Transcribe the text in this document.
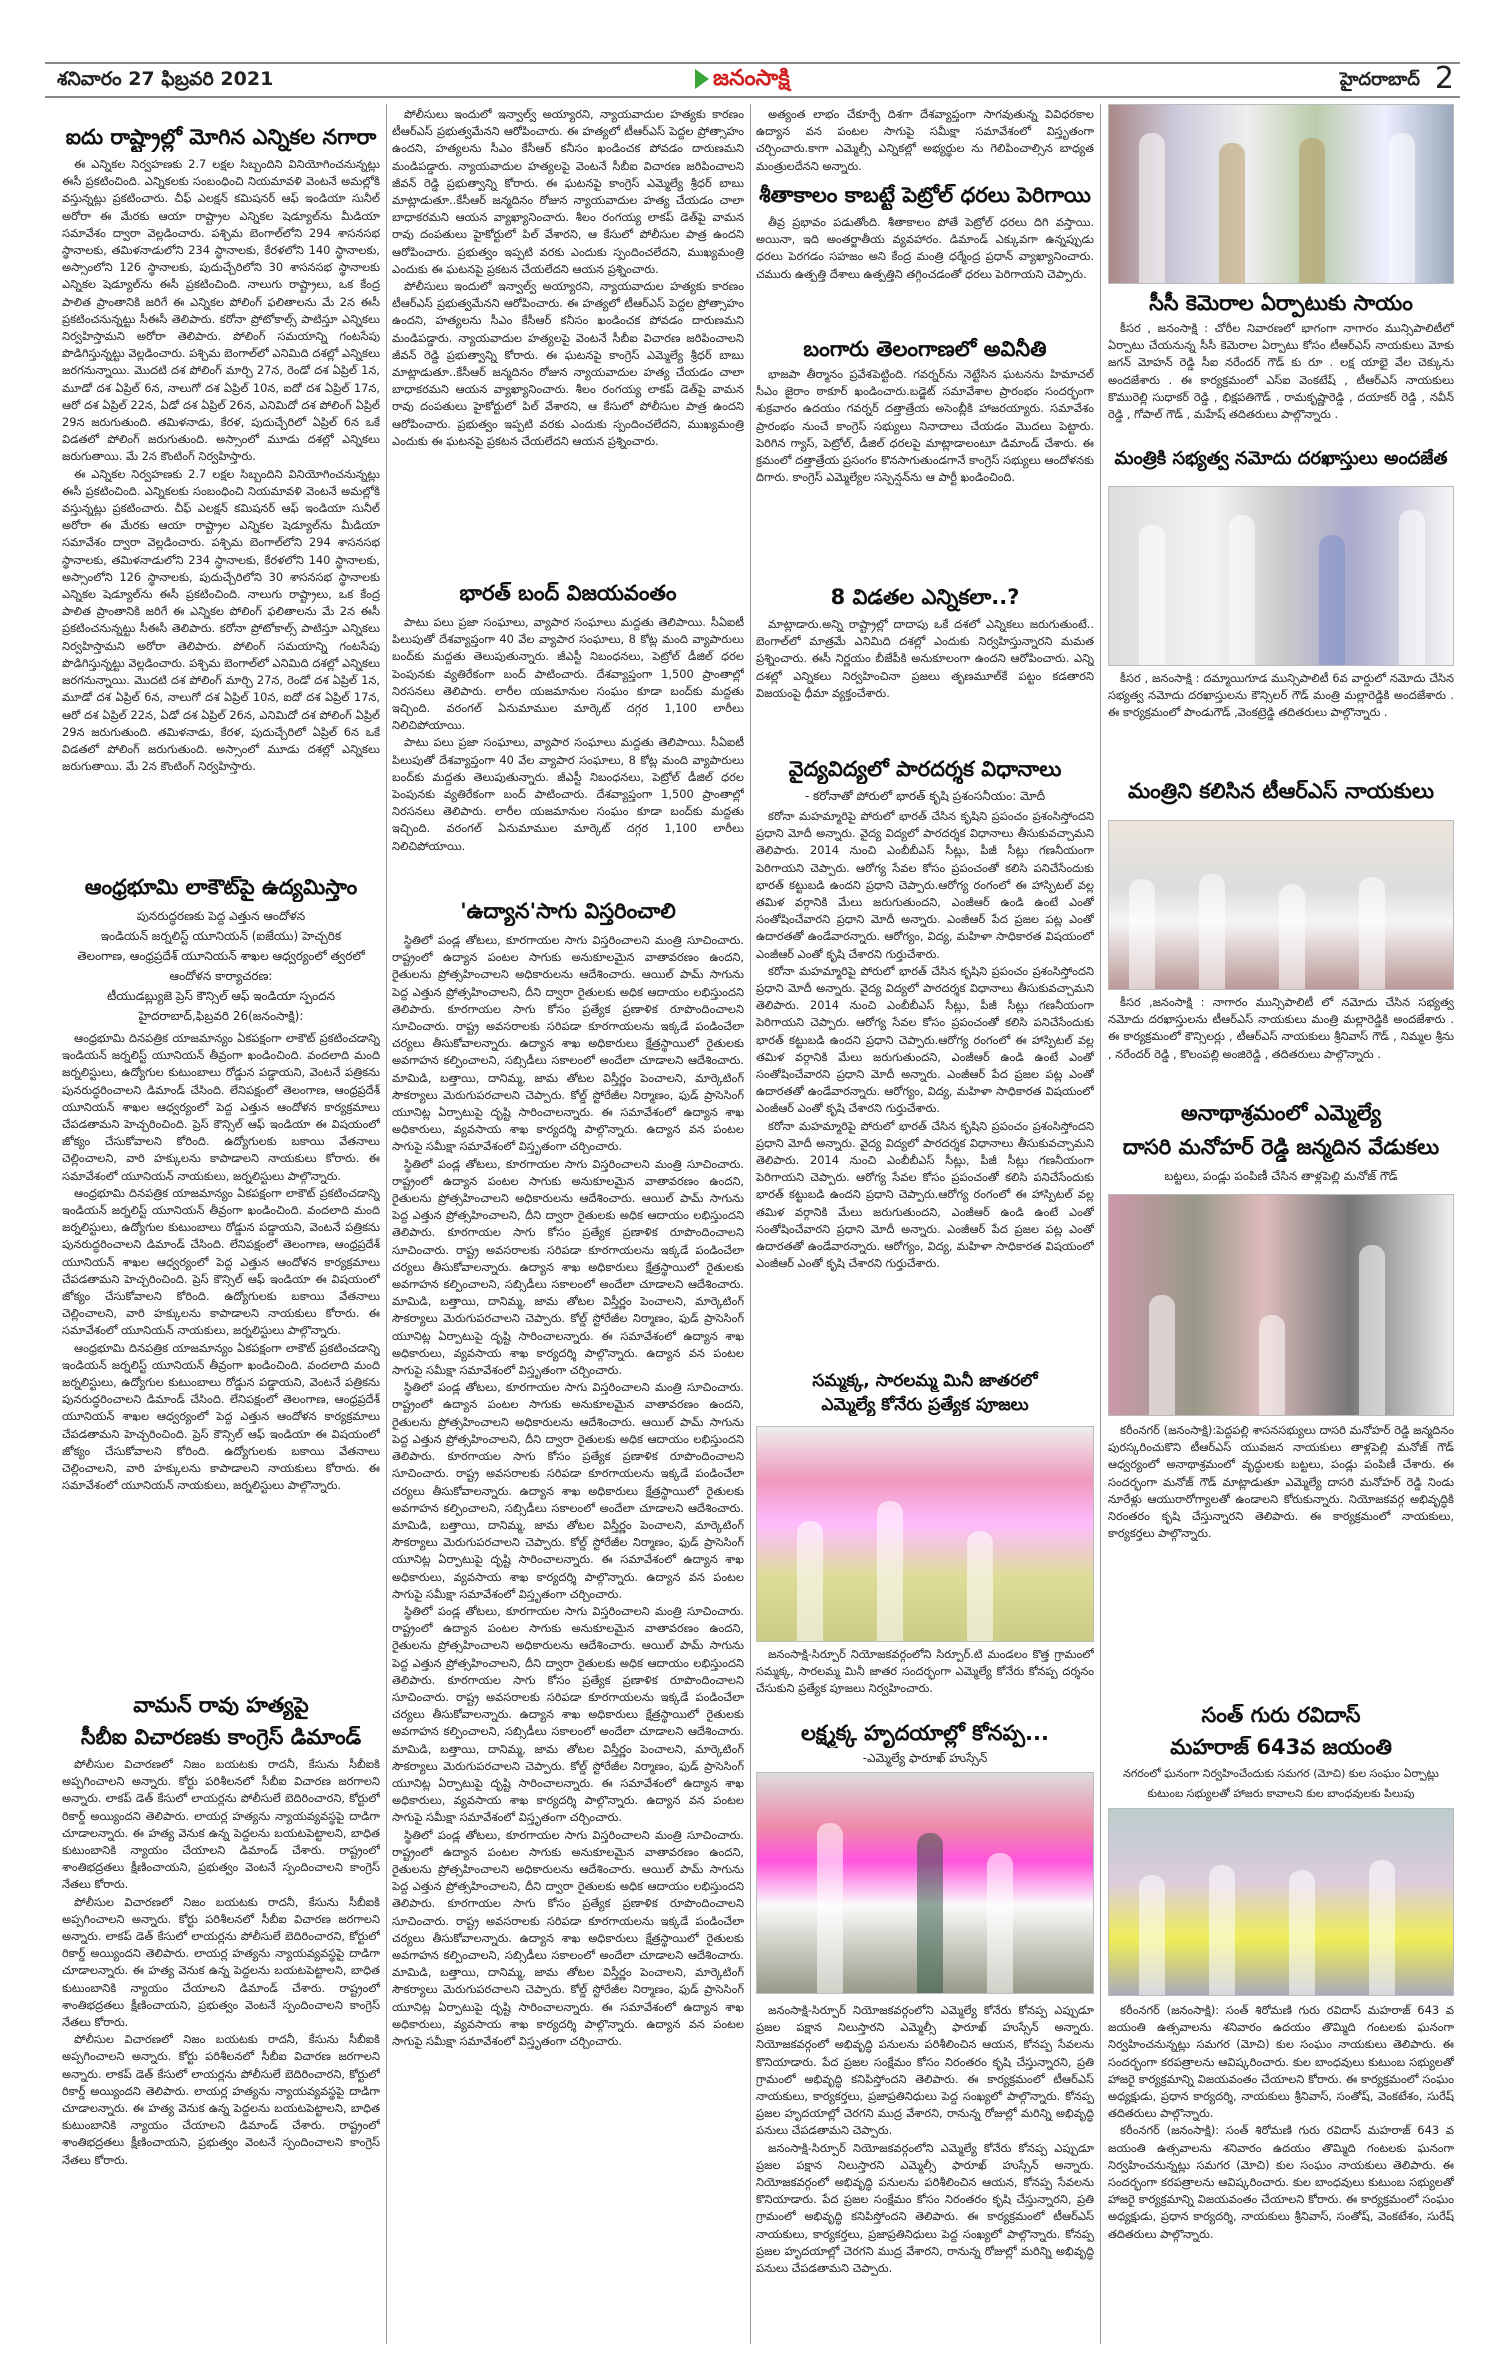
శనివారం 27 ఫిబ్రవరి 2021	జనంసాక్షి	హైదరాబాద్ 2
ఐదు రాష్ట్రాల్లో మోగిన ఎన్నికల నగారా

ఈ ఎన్నికల నిర్వహణకు 2.7 లక్షల సిబ్బందిని వినియోగించనున్నట్లు ఈసీ ప్రకటించింది. ఎన్నికలకు సంబంధించి నియమావళి వెంటనే అమల్లోకి వస్తున్నట్లు ప్రకటించారు. చీఫ్ ఎలక్షన్ కమిషనర్ ఆఫ్ ఇండియా సునీల్ అరోరా ఈ మేరకు ఆయా రాష్ట్రాల ఎన్నికల షెడ్యూల్‌ను మీడియా సమావేశం ద్వారా వెల్లడించారు. పశ్చిమ బెంగాల్‌లోని 294 శాసనసభ స్థానాలకు, తమిళనాడులోని 234 స్థానాలకు, కేరళలోని 140 స్థానాలకు, అస్సాంలోని 126 స్థానాలకు, పుదుచ్చేరిలోని 30 శాసనసభ స్థానాలకు ఎన్నికల షెడ్యూల్‌ను ఈసీ ప్రకటించింది. నాలుగు రాష్ట్రాలు, ఒక కేంద్ర పాలిత ప్రాంతానికి జరిగే ఈ ఎన్నికల పోలింగ్ ఫలితాలను మే 2న ఈసీ ప్రకటించనున్నట్టు సీఈసీ తెలిపారు. కరోనా ప్రోటోకాల్స్ పాటిస్తూ ఎన్నికలు నిర్వహిస్తామని అరోరా తెలిపారు. పోలింగ్ సమయాన్ని గంటసేపు పొడిగిస్తున్నట్టు వెల్లడించారు. పశ్చిమ బెంగాల్‌లో ఎనిమిది దశల్లో ఎన్నికలు జరగనున్నాయి. మొదటి దశ పోలింగ్ మార్చి 27న, రెండో దశ ఏప్రిల్ 1న, మూడో దశ ఏప్రిల్ 6న, నాలుగో దశ ఏప్రిల్ 10న, ఐదో దశ ఏప్రిల్ 17న, ఆరో దశ ఏప్రిల్ 22న, ఏడో దశ ఏప్రిల్ 26న, ఎనిమిదో దశ పోలింగ్ ఏప్రిల్ 29న జరుగుతుంది. తమిళనాడు, కేరళ, పుదుచ్చేరిలో ఏప్రిల్ 6న ఒకే విడతలో పోలింగ్ జరుగుతుంది. అస్సాంలో మూడు దశల్లో ఎన్నికలు జరుగుతాయి. మే 2న కౌంటింగ్ నిర్వహిస్తారు.

ఈ ఎన్నికల నిర్వహణకు 2.7 లక్షల సిబ్బందిని వినియోగించనున్నట్లు ఈసీ ప్రకటించింది. ఎన్నికలకు సంబంధించి నియమావళి వెంటనే అమల్లోకి వస్తున్నట్లు ప్రకటించారు. చీఫ్ ఎలక్షన్ కమిషనర్ ఆఫ్ ఇండియా సునీల్ అరోరా ఈ మేరకు ఆయా రాష్ట్రాల ఎన్నికల షెడ్యూల్‌ను మీడియా సమావేశం ద్వారా వెల్లడించారు. పశ్చిమ బెంగాల్‌లోని 294 శాసనసభ స్థానాలకు, తమిళనాడులోని 234 స్థానాలకు, కేరళలోని 140 స్థానాలకు, అస్సాంలోని 126 స్థానాలకు, పుదుచ్చేరిలోని 30 శాసనసభ స్థానాలకు ఎన్నికల షెడ్యూల్‌ను ఈసీ ప్రకటించింది. నాలుగు రాష్ట్రాలు, ఒక కేంద్ర పాలిత ప్రాంతానికి జరిగే ఈ ఎన్నికల పోలింగ్ ఫలితాలను మే 2న ఈసీ ప్రకటించనున్నట్టు సీఈసీ తెలిపారు. కరోనా ప్రోటోకాల్స్ పాటిస్తూ ఎన్నికలు నిర్వహిస్తామని అరోరా తెలిపారు. పోలింగ్ సమయాన్ని గంటసేపు పొడిగిస్తున్నట్టు వెల్లడించారు. పశ్చిమ బెంగాల్‌లో ఎనిమిది దశల్లో ఎన్నికలు జరగనున్నాయి. మొదటి దశ పోలింగ్ మార్చి 27న, రెండో దశ ఏప్రిల్ 1న, మూడో దశ ఏప్రిల్ 6న, నాలుగో దశ ఏప్రిల్ 10న, ఐదో దశ ఏప్రిల్ 17న, ఆరో దశ ఏప్రిల్ 22న, ఏడో దశ ఏప్రిల్ 26న, ఎనిమిదో దశ పోలింగ్ ఏప్రిల్ 29న జరుగుతుంది. తమిళనాడు, కేరళ, పుదుచ్చేరిలో ఏప్రిల్ 6న ఒకే విడతలో పోలింగ్ జరుగుతుంది. అస్సాంలో మూడు దశల్లో ఎన్నికలు జరుగుతాయి. మే 2న కౌంటింగ్ నిర్వహిస్తారు.

ఆంధ్రభూమి లాకౌట్‌పై ఉద్యమిస్తాం
పునరుద్ధరణకు పెద్ద ఎత్తున ఆందోళన
ఇండియన్ జర్నలిస్ట్ యూనియన్ (ఐజేయు) హెచ్చరిక
తెలంగాణ, ఆంధ్రప్రదేశ్ యూనియన్ శాఖల ఆధ్వర్యంలో త్వరలో
ఆందోళన కార్యాచరణ:
టీయుడబ్ల్యుజె ప్రెస్ కౌన్సిల్ ఆఫ్ ఇండియా స్పందన
హైదరాబాద్,ఫిబ్రవరి 26(జనంసాక్షి):

ఆంధ్రభూమి దినపత్రిక యాజమాన్యం ఏకపక్షంగా లాకౌట్ ప్రకటించడాన్ని ఇండియన్ జర్నలిస్ట్ యూనియన్ తీవ్రంగా ఖండించింది. వందలాది మంది జర్నలిస్టులు, ఉద్యోగుల కుటుంబాలు రోడ్డున పడ్డాయని, వెంటనే పత్రికను పునరుద్ధరించాలని డిమాండ్ చేసింది. లేనిపక్షంలో తెలంగాణ, ఆంధ్రప్రదేశ్ యూనియన్ శాఖల ఆధ్వర్యంలో పెద్ద ఎత్తున ఆందోళన కార్యక్రమాలు చేపడతామని హెచ్చరించింది. ప్రెస్ కౌన్సిల్ ఆఫ్ ఇండియా ఈ విషయంలో జోక్యం చేసుకోవాలని కోరింది. ఉద్యోగులకు బకాయి వేతనాలు చెల్లించాలని, వారి హక్కులను కాపాడాలని నాయకులు కోరారు. ఈ సమావేశంలో యూనియన్ నాయకులు, జర్నలిస్టులు పాల్గొన్నారు.

ఆంధ్రభూమి దినపత్రిక యాజమాన్యం ఏకపక్షంగా లాకౌట్ ప్రకటించడాన్ని ఇండియన్ జర్నలిస్ట్ యూనియన్ తీవ్రంగా ఖండించింది. వందలాది మంది జర్నలిస్టులు, ఉద్యోగుల కుటుంబాలు రోడ్డున పడ్డాయని, వెంటనే పత్రికను పునరుద్ధరించాలని డిమాండ్ చేసింది. లేనిపక్షంలో తెలంగాణ, ఆంధ్రప్రదేశ్ యూనియన్ శాఖల ఆధ్వర్యంలో పెద్ద ఎత్తున ఆందోళన కార్యక్రమాలు చేపడతామని హెచ్చరించింది. ప్రెస్ కౌన్సిల్ ఆఫ్ ఇండియా ఈ విషయంలో జోక్యం చేసుకోవాలని కోరింది. ఉద్యోగులకు బకాయి వేతనాలు చెల్లించాలని, వారి హక్కులను కాపాడాలని నాయకులు కోరారు. ఈ సమావేశంలో యూనియన్ నాయకులు, జర్నలిస్టులు పాల్గొన్నారు.

ఆంధ్రభూమి దినపత్రిక యాజమాన్యం ఏకపక్షంగా లాకౌట్ ప్రకటించడాన్ని ఇండియన్ జర్నలిస్ట్ యూనియన్ తీవ్రంగా ఖండించింది. వందలాది మంది జర్నలిస్టులు, ఉద్యోగుల కుటుంబాలు రోడ్డున పడ్డాయని, వెంటనే పత్రికను పునరుద్ధరించాలని డిమాండ్ చేసింది. లేనిపక్షంలో తెలంగాణ, ఆంధ్రప్రదేశ్ యూనియన్ శాఖల ఆధ్వర్యంలో పెద్ద ఎత్తున ఆందోళన కార్యక్రమాలు చేపడతామని హెచ్చరించింది. ప్రెస్ కౌన్సిల్ ఆఫ్ ఇండియా ఈ విషయంలో జోక్యం చేసుకోవాలని కోరింది. ఉద్యోగులకు బకాయి వేతనాలు చెల్లించాలని, వారి హక్కులను కాపాడాలని నాయకులు కోరారు. ఈ సమావేశంలో యూనియన్ నాయకులు, జర్నలిస్టులు పాల్గొన్నారు.

వామన్ రావు హత్యపై
సీబీఐ విచారణకు కాంగ్రెస్ డిమాండ్

పోలీసుల విచారణలో నిజం బయటకు రాదనీ, కేసును సీబీఐకి అప్పగించాలని అన్నారు. కోర్టు పరిశీలనలో సీబీఐ విచారణ జరగాలని అన్నారు. లాకప్ డెత్ కేసులో లాయర్లను పోలీసులే బెదిరించారని, కోర్టులో రికార్డ్ అయ్యిందని తెలిపారు. లాయర్ల హత్యను న్యాయవ్యవస్థపై దాడిగా చూడాలన్నారు. ఈ హత్య వెనుక ఉన్న పెద్దలను బయటపెట్టాలని, బాధిత కుటుంబానికి న్యాయం చేయాలని డిమాండ్ చేశారు. రాష్ట్రంలో శాంతిభద్రతలు క్షీణించాయని, ప్రభుత్వం వెంటనే స్పందించాలని కాంగ్రెస్ నేతలు కోరారు.

పోలీసుల విచారణలో నిజం బయటకు రాదనీ, కేసును సీబీఐకి అప్పగించాలని అన్నారు. కోర్టు పరిశీలనలో సీబీఐ విచారణ జరగాలని అన్నారు. లాకప్ డెత్ కేసులో లాయర్లను పోలీసులే బెదిరించారని, కోర్టులో రికార్డ్ అయ్యిందని తెలిపారు. లాయర్ల హత్యను న్యాయవ్యవస్థపై దాడిగా చూడాలన్నారు. ఈ హత్య వెనుక ఉన్న పెద్దలను బయటపెట్టాలని, బాధిత కుటుంబానికి న్యాయం చేయాలని డిమాండ్ చేశారు. రాష్ట్రంలో శాంతిభద్రతలు క్షీణించాయని, ప్రభుత్వం వెంటనే స్పందించాలని కాంగ్రెస్ నేతలు కోరారు.

పోలీసుల విచారణలో నిజం బయటకు రాదనీ, కేసును సీబీఐకి అప్పగించాలని అన్నారు. కోర్టు పరిశీలనలో సీబీఐ విచారణ జరగాలని అన్నారు. లాకప్ డెత్ కేసులో లాయర్లను పోలీసులే బెదిరించారని, కోర్టులో రికార్డ్ అయ్యిందని తెలిపారు. లాయర్ల హత్యను న్యాయవ్యవస్థపై దాడిగా చూడాలన్నారు. ఈ హత్య వెనుక ఉన్న పెద్దలను బయటపెట్టాలని, బాధిత కుటుంబానికి న్యాయం చేయాలని డిమాండ్ చేశారు. రాష్ట్రంలో శాంతిభద్రతలు క్షీణించాయని, ప్రభుత్వం వెంటనే స్పందించాలని కాంగ్రెస్ నేతలు కోరారు.

పోలీసులు ఇందులో ఇన్వాల్వ్ అయ్యారని, న్యాయవాదుల హత్యకు కారణం టీఆర్ఎస్ ప్రభుత్వమేనని ఆరోపించారు. ఈ హత్యలో టీఆర్ఎస్ పెద్దల ప్రోత్సాహం ఉందని, హత్యలను సీఎం కేసీఆర్ కనీసం ఖండించక పోవడం దారుణమని మండిపడ్డారు. న్యాయవాదుల హత్యలపై వెంటనే సీబీఐ విచారణ జరిపించాలని జీవన్ రెడ్డి ప్రభుత్వాన్ని కోరారు. ఈ ఘటనపై కాంగ్రెస్ ఎమ్మెల్యే శ్రీధర్ బాబు మాట్లాడుతూ..కేసీఆర్ జన్మదినం రోజున న్యాయవాదుల హత్య చేయడం చాలా బాధాకరమని ఆయన వ్యాఖ్యానించారు. శీలం రంగయ్య లాకప్ డెత్‌పై వామన రావు దంపతులు హైకోర్టులో పిల్ వేశారని, ఆ కేసులో పోలీసుల పాత్ర ఉందని ఆరోపించారు. ప్రభుత్వం ఇప్పటి వరకు ఎందుకు స్పందించలేదని, ముఖ్యమంత్రి ఎందుకు ఈ ఘటనపై ప్రకటన చేయలేదని ఆయన ప్రశ్నించారు.

పోలీసులు ఇందులో ఇన్వాల్వ్ అయ్యారని, న్యాయవాదుల హత్యకు కారణం టీఆర్ఎస్ ప్రభుత్వమేనని ఆరోపించారు. ఈ హత్యలో టీఆర్ఎస్ పెద్దల ప్రోత్సాహం ఉందని, హత్యలను సీఎం కేసీఆర్ కనీసం ఖండించక పోవడం దారుణమని మండిపడ్డారు. న్యాయవాదుల హత్యలపై వెంటనే సీబీఐ విచారణ జరిపించాలని జీవన్ రెడ్డి ప్రభుత్వాన్ని కోరారు. ఈ ఘటనపై కాంగ్రెస్ ఎమ్మెల్యే శ్రీధర్ బాబు మాట్లాడుతూ..కేసీఆర్ జన్మదినం రోజున న్యాయవాదుల హత్య చేయడం చాలా బాధాకరమని ఆయన వ్యాఖ్యానించారు. శీలం రంగయ్య లాకప్ డెత్‌పై వామన రావు దంపతులు హైకోర్టులో పిల్ వేశారని, ఆ కేసులో పోలీసుల పాత్ర ఉందని ఆరోపించారు. ప్రభుత్వం ఇప్పటి వరకు ఎందుకు స్పందించలేదని, ముఖ్యమంత్రి ఎందుకు ఈ ఘటనపై ప్రకటన చేయలేదని ఆయన ప్రశ్నించారు.

భారత్ బంద్ విజయవంతం

పాటు పలు ప్రజా సంఘాలు, వ్యాపార సంఘాలు మద్దతు తెలిపాయి. సీఏఐటీ పిలుపుతో దేశవ్యాప్తంగా 40 వేల వ్యాపార సంఘాలు, 8 కోట్ల మంది వ్యాపారులు బంద్‌కు మద్దతు తెలుపుతున్నారు. జీఎస్టీ నిబంధనలు, పెట్రోల్ డీజిల్ ధరల పెంపునకు వ్యతిరేకంగా బంద్ పాటించారు. దేశవ్యాప్తంగా 1,500 ప్రాంతాల్లో నిరసనలు తెలిపారు. లారీల యజమానుల సంఘం కూడా బంద్‌కు మద్దతు ఇచ్చింది. వరంగల్ ఏనుమాముల మార్కెట్ దగ్గర 1,100 లారీలు నిలిచిపోయాయి.

పాటు పలు ప్రజా సంఘాలు, వ్యాపార సంఘాలు మద్దతు తెలిపాయి. సీఏఐటీ పిలుపుతో దేశవ్యాప్తంగా 40 వేల వ్యాపార సంఘాలు, 8 కోట్ల మంది వ్యాపారులు బంద్‌కు మద్దతు తెలుపుతున్నారు. జీఎస్టీ నిబంధనలు, పెట్రోల్ డీజిల్ ధరల పెంపునకు వ్యతిరేకంగా బంద్ పాటించారు. దేశవ్యాప్తంగా 1,500 ప్రాంతాల్లో నిరసనలు తెలిపారు. లారీల యజమానుల సంఘం కూడా బంద్‌కు మద్దతు ఇచ్చింది. వరంగల్ ఏనుమాముల మార్కెట్ దగ్గర 1,100 లారీలు నిలిచిపోయాయి.

'ఉద్యాన'సాగు విస్తరించాలి

స్థితిలో పండ్ల తోటలు, కూరగాయల సాగు విస్తరించాలని మంత్రి సూచించారు. రాష్ట్రంలో ఉద్యాన పంటల సాగుకు అనుకూలమైన వాతావరణం ఉందని, రైతులను ప్రోత్సహించాలని అధికారులను ఆదేశించారు. ఆయిల్ పామ్ సాగును పెద్ద ఎత్తున ప్రోత్సహించాలని, దీని ద్వారా రైతులకు అధిక ఆదాయం లభిస్తుందని తెలిపారు. కూరగాయల సాగు కోసం ప్రత్యేక ప్రణాళిక రూపొందించాలని సూచించారు. రాష్ట్ర అవసరాలకు సరిపడా కూరగాయలను ఇక్కడే పండించేలా చర్యలు తీసుకోవాలన్నారు. ఉద్యాన శాఖ అధికారులు క్షేత్రస్థాయిలో రైతులకు అవగాహన కల్పించాలని, సబ్సిడీలు సకాలంలో అందేలా చూడాలని ఆదేశించారు. మామిడి, బత్తాయి, దానిమ్మ, జామ తోటల విస్తీర్ణం పెంచాలని, మార్కెటింగ్ సౌకర్యాలు మెరుగుపరచాలని చెప్పారు. కోల్డ్ స్టోరేజీల నిర్మాణం, ఫుడ్ ప్రాసెసింగ్ యూనిట్ల ఏర్పాటుపై దృష్టి సారించాలన్నారు. ఈ సమావేశంలో ఉద్యాన శాఖ అధికారులు, వ్యవసాయ శాఖ కార్యదర్శి పాల్గొన్నారు. ఉద్యాన వన పంటల సాగుపై సమీక్షా సమావేశంలో విస్తృతంగా చర్చించారు.

స్థితిలో పండ్ల తోటలు, కూరగాయల సాగు విస్తరించాలని మంత్రి సూచించారు. రాష్ట్రంలో ఉద్యాన పంటల సాగుకు అనుకూలమైన వాతావరణం ఉందని, రైతులను ప్రోత్సహించాలని అధికారులను ఆదేశించారు. ఆయిల్ పామ్ సాగును పెద్ద ఎత్తున ప్రోత్సహించాలని, దీని ద్వారా రైతులకు అధిక ఆదాయం లభిస్తుందని తెలిపారు. కూరగాయల సాగు కోసం ప్రత్యేక ప్రణాళిక రూపొందించాలని సూచించారు. రాష్ట్ర అవసరాలకు సరిపడా కూరగాయలను ఇక్కడే పండించేలా చర్యలు తీసుకోవాలన్నారు. ఉద్యాన శాఖ అధికారులు క్షేత్రస్థాయిలో రైతులకు అవగాహన కల్పించాలని, సబ్సిడీలు సకాలంలో అందేలా చూడాలని ఆదేశించారు. మామిడి, బత్తాయి, దానిమ్మ, జామ తోటల విస్తీర్ణం పెంచాలని, మార్కెటింగ్ సౌకర్యాలు మెరుగుపరచాలని చెప్పారు. కోల్డ్ స్టోరేజీల నిర్మాణం, ఫుడ్ ప్రాసెసింగ్ యూనిట్ల ఏర్పాటుపై దృష్టి సారించాలన్నారు. ఈ సమావేశంలో ఉద్యాన శాఖ అధికారులు, వ్యవసాయ శాఖ కార్యదర్శి పాల్గొన్నారు. ఉద్యాన వన పంటల సాగుపై సమీక్షా సమావేశంలో విస్తృతంగా చర్చించారు.

స్థితిలో పండ్ల తోటలు, కూరగాయల సాగు విస్తరించాలని మంత్రి సూచించారు. రాష్ట్రంలో ఉద్యాన పంటల సాగుకు అనుకూలమైన వాతావరణం ఉందని, రైతులను ప్రోత్సహించాలని అధికారులను ఆదేశించారు. ఆయిల్ పామ్ సాగును పెద్ద ఎత్తున ప్రోత్సహించాలని, దీని ద్వారా రైతులకు అధిక ఆదాయం లభిస్తుందని తెలిపారు. కూరగాయల సాగు కోసం ప్రత్యేక ప్రణాళిక రూపొందించాలని సూచించారు. రాష్ట్ర అవసరాలకు సరిపడా కూరగాయలను ఇక్కడే పండించేలా చర్యలు తీసుకోవాలన్నారు. ఉద్యాన శాఖ అధికారులు క్షేత్రస్థాయిలో రైతులకు అవగాహన కల్పించాలని, సబ్సిడీలు సకాలంలో అందేలా చూడాలని ఆదేశించారు. మామిడి, బత్తాయి, దానిమ్మ, జామ తోటల విస్తీర్ణం పెంచాలని, మార్కెటింగ్ సౌకర్యాలు మెరుగుపరచాలని చెప్పారు. కోల్డ్ స్టోరేజీల నిర్మాణం, ఫుడ్ ప్రాసెసింగ్ యూనిట్ల ఏర్పాటుపై దృష్టి సారించాలన్నారు. ఈ సమావేశంలో ఉద్యాన శాఖ అధికారులు, వ్యవసాయ శాఖ కార్యదర్శి పాల్గొన్నారు. ఉద్యాన వన పంటల సాగుపై సమీక్షా సమావేశంలో విస్తృతంగా చర్చించారు.

స్థితిలో పండ్ల తోటలు, కూరగాయల సాగు విస్తరించాలని మంత్రి సూచించారు. రాష్ట్రంలో ఉద్యాన పంటల సాగుకు అనుకూలమైన వాతావరణం ఉందని, రైతులను ప్రోత్సహించాలని అధికారులను ఆదేశించారు. ఆయిల్ పామ్ సాగును పెద్ద ఎత్తున ప్రోత్సహించాలని, దీని ద్వారా రైతులకు అధిక ఆదాయం లభిస్తుందని తెలిపారు. కూరగాయల సాగు కోసం ప్రత్యేక ప్రణాళిక రూపొందించాలని సూచించారు. రాష్ట్ర అవసరాలకు సరిపడా కూరగాయలను ఇక్కడే పండించేలా చర్యలు తీసుకోవాలన్నారు. ఉద్యాన శాఖ అధికారులు క్షేత్రస్థాయిలో రైతులకు అవగాహన కల్పించాలని, సబ్సిడీలు సకాలంలో అందేలా చూడాలని ఆదేశించారు. మామిడి, బత్తాయి, దానిమ్మ, జామ తోటల విస్తీర్ణం పెంచాలని, మార్కెటింగ్ సౌకర్యాలు మెరుగుపరచాలని చెప్పారు. కోల్డ్ స్టోరేజీల నిర్మాణం, ఫుడ్ ప్రాసెసింగ్ యూనిట్ల ఏర్పాటుపై దృష్టి సారించాలన్నారు. ఈ సమావేశంలో ఉద్యాన శాఖ అధికారులు, వ్యవసాయ శాఖ కార్యదర్శి పాల్గొన్నారు. ఉద్యాన వన పంటల సాగుపై సమీక్షా సమావేశంలో విస్తృతంగా చర్చించారు.

స్థితిలో పండ్ల తోటలు, కూరగాయల సాగు విస్తరించాలని మంత్రి సూచించారు. రాష్ట్రంలో ఉద్యాన పంటల సాగుకు అనుకూలమైన వాతావరణం ఉందని, రైతులను ప్రోత్సహించాలని అధికారులను ఆదేశించారు. ఆయిల్ పామ్ సాగును పెద్ద ఎత్తున ప్రోత్సహించాలని, దీని ద్వారా రైతులకు అధిక ఆదాయం లభిస్తుందని తెలిపారు. కూరగాయల సాగు కోసం ప్రత్యేక ప్రణాళిక రూపొందించాలని సూచించారు. రాష్ట్ర అవసరాలకు సరిపడా కూరగాయలను ఇక్కడే పండించేలా చర్యలు తీసుకోవాలన్నారు. ఉద్యాన శాఖ అధికారులు క్షేత్రస్థాయిలో రైతులకు అవగాహన కల్పించాలని, సబ్సిడీలు సకాలంలో అందేలా చూడాలని ఆదేశించారు. మామిడి, బత్తాయి, దానిమ్మ, జామ తోటల విస్తీర్ణం పెంచాలని, మార్కెటింగ్ సౌకర్యాలు మెరుగుపరచాలని చెప్పారు. కోల్డ్ స్టోరేజీల నిర్మాణం, ఫుడ్ ప్రాసెసింగ్ యూనిట్ల ఏర్పాటుపై దృష్టి సారించాలన్నారు. ఈ సమావేశంలో ఉద్యాన శాఖ అధికారులు, వ్యవసాయ శాఖ కార్యదర్శి పాల్గొన్నారు. ఉద్యాన వన పంటల సాగుపై సమీక్షా సమావేశంలో విస్తృతంగా చర్చించారు.

అత్యంత లాభం చేకూర్చే దిశగా దేశవ్యాప్తంగా సాగవుతున్న వివిధరకాల ఉద్యాన వన పంటల సాగుపై సమీక్షా సమావేశంలో విస్తృతంగా చర్చించారు.కాగా ఎమ్మెల్సీ ఎన్నికల్లో అభ్యర్థుల ను గెలిపించాల్సిన బాధ్యత మంత్రులదేనని అన్నారు.

శీతాకాలం కాబట్టే పెట్రోల్ ధరలు పెరిగాయి

తీవ్ర ప్రభావం పడుతోంది. శీతాకాలం పోతే పెట్రోల్ ధరలు దిగి వస్తాయి. అయినా, ఇది అంతర్జాతీయ వ్యవహారం. డిమాండ్ ఎక్కువగా ఉన్నప్పుడు ధరలు పెరగడం సహజం అని కేంద్ర మంత్రి ధర్మేంద్ర ప్రధాన్ వ్యాఖ్యానించారు. చమురు ఉత్పత్తి దేశాలు ఉత్పత్తిని తగ్గించడంతో ధరలు పెరిగాయని చెప్పారు.

బంగారు తెలంగాణలో అవినీతి

భాజపా తీర్మానం ప్రవేశపెట్టింది. గవర్నర్‌ను నెట్టేసిన ఘటనను హిమాచల్ సీఎం జైరాం ఠాకూర్ ఖండించారు.బడ్జెట్ సమావేశాల ప్రారంభం సందర్భంగా శుక్రవారం ఉదయం గవర్నర్ దత్తాత్రేయ అసెంబ్లీకి హాజరయ్యారు. సమావేశం ప్రారంభం నుంచే కాంగ్రెస్ సభ్యులు నినాదాలు చేయడం మొదలు పెట్టారు. పెరిగిన గ్యాస్, పెట్రోల్, డీజిల్ ధరలపై మాట్లాడాలంటూ డిమాండ్ చేశారు. ఈ క్రమంలో దత్తాత్రేయ ప్రసంగం కొనసాగుతుండగానే కాంగ్రెస్ సభ్యులు ఆందోళనకు దిగారు. కాంగ్రెస్ ఎమ్మెల్యేల సస్పెన్షన్‌ను ఆ పార్టీ ఖండించింది.

8 విడతల ఎన్నికలా..?

మాట్లాడారు.అన్ని రాష్ట్రాల్లో దాదాపు ఒకే దశలో ఎన్నికలు జరుగుతుంటే.. బెంగాల్‌లో మాత్రమే ఎనిమిది దశల్లో ఎందుకు నిర్వహిస్తున్నారని మమత ప్రశ్నించారు. ఈసీ నిర్ణయం బీజేపీకి అనుకూలంగా ఉందని ఆరోపించారు. ఎన్ని దశల్లో ఎన్నికలు నిర్వహించినా ప్రజలు తృణమూల్‌కే పట్టం కడతారని విజయంపై ధీమా వ్యక్తంచేశారు.

వైద్యవిద్యలో పారదర్శక విధానాలు
- కరోనాతో పోరులో భారత్ కృషి ప్రశంసనీయం: మోదీ

కరోనా మహమ్మారిపై పోరులో భారత్ చేసిన కృషిని ప్రపంచం ప్రశంసిస్తోందని ప్రధాని మోదీ అన్నారు. వైద్య విద్యలో పారదర్శక విధానాలు తీసుకువచ్చామని తెలిపారు. 2014 నుంచి ఎంబీబీఎస్ సీట్లు, పీజీ సీట్లు గణనీయంగా పెరిగాయని చెప్పారు. ఆరోగ్య సేవల కోసం ప్రపంచంతో కలిసి పనిచేసేందుకు భారత్ కట్టుబడి ఉందని ప్రధాని చెప్పారు.ఆరోగ్య రంగంలో ఈ హాస్పిటల్ వల్ల తమిళ వర్గానికి మేలు జరుగుతుందని, ఎంజీఆర్ ఉండి ఉంటే ఎంతో సంతోషించేవారని ప్రధాని మోదీ అన్నారు. ఎంజీఆర్ పేద ప్రజల పట్ల ఎంతో ఉదారతతో ఉండేవారన్నారు. ఆరోగ్యం, విద్య, మహిళా సాధికారత విషయంలో ఎంజీఆర్ ఎంతో కృషి చేశారని గుర్తుచేశారు.

కరోనా మహమ్మారిపై పోరులో భారత్ చేసిన కృషిని ప్రపంచం ప్రశంసిస్తోందని ప్రధాని మోదీ అన్నారు. వైద్య విద్యలో పారదర్శక విధానాలు తీసుకువచ్చామని తెలిపారు. 2014 నుంచి ఎంబీబీఎస్ సీట్లు, పీజీ సీట్లు గణనీయంగా పెరిగాయని చెప్పారు. ఆరోగ్య సేవల కోసం ప్రపంచంతో కలిసి పనిచేసేందుకు భారత్ కట్టుబడి ఉందని ప్రధాని చెప్పారు.ఆరోగ్య రంగంలో ఈ హాస్పిటల్ వల్ల తమిళ వర్గానికి మేలు జరుగుతుందని, ఎంజీఆర్ ఉండి ఉంటే ఎంతో సంతోషించేవారని ప్రధాని మోదీ అన్నారు. ఎంజీఆర్ పేద ప్రజల పట్ల ఎంతో ఉదారతతో ఉండేవారన్నారు. ఆరోగ్యం, విద్య, మహిళా సాధికారత విషయంలో ఎంజీఆర్ ఎంతో కృషి చేశారని గుర్తుచేశారు.

కరోనా మహమ్మారిపై పోరులో భారత్ చేసిన కృషిని ప్రపంచం ప్రశంసిస్తోందని ప్రధాని మోదీ అన్నారు. వైద్య విద్యలో పారదర్శక విధానాలు తీసుకువచ్చామని తెలిపారు. 2014 నుంచి ఎంబీబీఎస్ సీట్లు, పీజీ సీట్లు గణనీయంగా పెరిగాయని చెప్పారు. ఆరోగ్య సేవల కోసం ప్రపంచంతో కలిసి పనిచేసేందుకు భారత్ కట్టుబడి ఉందని ప్రధాని చెప్పారు.ఆరోగ్య రంగంలో ఈ హాస్పిటల్ వల్ల తమిళ వర్గానికి మేలు జరుగుతుందని, ఎంజీఆర్ ఉండి ఉంటే ఎంతో సంతోషించేవారని ప్రధాని మోదీ అన్నారు. ఎంజీఆర్ పేద ప్రజల పట్ల ఎంతో ఉదారతతో ఉండేవారన్నారు. ఆరోగ్యం, విద్య, మహిళా సాధికారత విషయంలో ఎంజీఆర్ ఎంతో కృషి చేశారని గుర్తుచేశారు.

సమ్మక్క, సారలమ్మ మినీ జాతరలో
ఎమ్మెల్యే కోనేరు ప్రత్యేక పూజలు

జనంసాక్షి-సిర్పూర్ నియోజకవర్గంలోని సిర్పూర్.టి మండలం కొత్త గ్రామంలో సమ్మక్క, సారలమ్మ మినీ జాతర సందర్భంగా ఎమ్మెల్యే కోనేరు కోనప్ప దర్శనం చేసుకుని ప్రత్యేక పూజలు నిర్వహించారు.

లక్ష్మక్క హృదయాల్లో కోనప్ప...
-ఎమ్మెల్యే ఫారూఖ్ హుస్సేన్

జనంసాక్షి-సిర్పూర్ నియోజకవర్గంలోని ఎమ్మెల్యే కోనేరు కోనప్ప ఎప్పుడూ ప్రజల పక్షాన నిలుస్తారని ఎమ్మెల్సీ ఫారూఖ్ హుస్సేన్ అన్నారు. నియోజకవర్గంలో అభివృద్ధి పనులను పరిశీలించిన ఆయన, కోనప్ప సేవలను కొనియాడారు. పేద ప్రజల సంక్షేమం కోసం నిరంతరం కృషి చేస్తున్నారని, ప్రతి గ్రామంలో అభివృద్ధి కనిపిస్తోందని తెలిపారు. ఈ కార్యక్రమంలో టీఆర్ఎస్ నాయకులు, కార్యకర్తలు, ప్రజాప్రతినిధులు పెద్ద సంఖ్యలో పాల్గొన్నారు. కోనప్ప ప్రజల హృదయాల్లో చెరగని ముద్ర వేశారని, రానున్న రోజుల్లో మరిన్ని అభివృద్ధి పనులు చేపడతామని చెప్పారు.

జనంసాక్షి-సిర్పూర్ నియోజకవర్గంలోని ఎమ్మెల్యే కోనేరు కోనప్ప ఎప్పుడూ ప్రజల పక్షాన నిలుస్తారని ఎమ్మెల్సీ ఫారూఖ్ హుస్సేన్ అన్నారు. నియోజకవర్గంలో అభివృద్ధి పనులను పరిశీలించిన ఆయన, కోనప్ప సేవలను కొనియాడారు. పేద ప్రజల సంక్షేమం కోసం నిరంతరం కృషి చేస్తున్నారని, ప్రతి గ్రామంలో అభివృద్ధి కనిపిస్తోందని తెలిపారు. ఈ కార్యక్రమంలో టీఆర్ఎస్ నాయకులు, కార్యకర్తలు, ప్రజాప్రతినిధులు పెద్ద సంఖ్యలో పాల్గొన్నారు. కోనప్ప ప్రజల హృదయాల్లో చెరగని ముద్ర వేశారని, రానున్న రోజుల్లో మరిన్ని అభివృద్ధి పనులు చేపడతామని చెప్పారు.

సీసీ కెమెరాల ఏర్పాటుకు సాయం

కీసర , జనంసాక్షి : చోరీల నివారణలో భాగంగా నాగారం మున్సిపాలిటీలో ఏర్పాటు చేయనున్న సీసీ కెమెరాల ఏర్పాటు కోసం టీఆర్ఎస్ నాయకులు మోకు జగన్ మోహన్ రెడ్డి సీఐ నరేందర్ గౌడ్ కు రూ . లక్ష యాభై వేల చెక్కును అందజేశారు . ఈ కార్యక్రమంలో ఎస్ఐ వెంకటేష్ , టీఆర్ఎస్ నాయకులు కొమురెల్లి సుధాకర్ రెడ్డి , భిక్షపతిగౌడ్ , రామకృష్ణారెడ్డి , దయాకర్ రెడ్డి , నవీన్ రెడ్డి , గోపాల్ గౌడ్ , మహేష్ తదితరులు పాల్గొన్నారు .

మంత్రికి సభ్యత్వ నమోదు దరఖాస్తులు అందజేత

కీసర , జనంసాక్షి : దమ్మాయిగూడ మున్సిపాలిటీ 6వ వార్డులో నమోదు చేసిన సభ్యత్వ నమోదు దరఖాస్తులను కౌన్సిలర్ గౌడ్ మంత్రి మల్లారెడ్డికి అందజేశారు . ఈ కార్యక్రమంలో పాండుగౌడ్ ,వెంకట్రెడ్డి తదితరులు పాల్గొన్నారు .

మంత్రిని కలిసిన టీఆర్ఎస్ నాయకులు

కీసర ,జనంసాక్షి : నాగారం మున్సిపాలిటీ లో నమోదు చేసిన సభ్యత్వ నమోదు దరఖాస్తులను టీఆర్ఎస్ నాయకులు మంత్రి మల్లారెడ్డికి అందజేశారు . ఈ కార్యక్రమంలో కౌన్సిలర్లు , టీఆర్ఎస్ నాయకులు శ్రీనివాస్ గౌడ్ , నిమ్మల శ్రీను , నరేందర్ రెడ్డి , కొలంపల్లి అంజిరెడ్డి , తదితరులు పాల్గొన్నారు .

అనాథాశ్రమంలో ఎమ్మెల్యే
దాసరి మనోహర్ రెడ్డి జన్మదిన వేడుకలు
బట్టలు, పండ్లు పంపిణీ చేసిన తాళ్లపెల్లి మనోజ్ గౌడ్

కరీంనగర్ (జనంసాక్షి):పెద్దపల్లి శాసనసభ్యులు దాసరి మనోహర్ రెడ్డి జన్మదినం పురస్కరించుకొని టీఆర్ఎస్ యువజన నాయకులు తాళ్లపెల్లి మనోజ్ గౌడ్ ఆధ్వర్యంలో అనాథాశ్రమంలో వృద్ధులకు బట్టలు, పండ్లు పంపిణీ చేశారు. ఈ సందర్భంగా మనోజ్ గౌడ్ మాట్లాడుతూ ఎమ్మెల్యే దాసరి మనోహర్ రెడ్డి నిండు నూరేళ్లు ఆయురారోగ్యాలతో ఉండాలని కోరుకున్నారు. నియోజకవర్గ అభివృద్ధికి నిరంతరం కృషి చేస్తున్నారని తెలిపారు. ఈ కార్యక్రమంలో నాయకులు, కార్యకర్తలు పాల్గొన్నారు.

సంత్ గురు రవిదాస్
మహరాజ్ 643వ జయంతి
నగరంలో ఘనంగా నిర్వహించేందుకు సమగర (మోచి) కుల సంఘం ఏర్పాట్లు
కుటుంబ సభ్యులతో హాజరు కావాలని కుల బాంధవులకు పిలుపు

కరీంనగర్ (జనంసాక్షి): సంత్ శిరోమణి గురు రవిదాస్ మహరాజ్ 643 వ జయంతి ఉత్సవాలను శనివారం ఉదయం తొమ్మిది గంటలకు ఘనంగా నిర్వహించనున్నట్లు సమగర (మోచి) కుల సంఘం నాయకులు తెలిపారు. ఈ సందర్భంగా కరపత్రాలను ఆవిష్కరించారు. కుల బాంధవులు కుటుంబ సభ్యులతో హాజరై కార్యక్రమాన్ని విజయవంతం చేయాలని కోరారు. ఈ కార్యక్రమంలో సంఘం అధ్యక్షుడు, ప్రధాన కార్యదర్శి, నాయకులు శ్రీనివాస్, సంతోష్, వెంకటేశం, సురేష్ తదితరులు పాల్గొన్నారు.

కరీంనగర్ (జనంసాక్షి): సంత్ శిరోమణి గురు రవిదాస్ మహరాజ్ 643 వ జయంతి ఉత్సవాలను శనివారం ఉదయం తొమ్మిది గంటలకు ఘనంగా నిర్వహించనున్నట్లు సమగర (మోచి) కుల సంఘం నాయకులు తెలిపారు. ఈ సందర్భంగా కరపత్రాలను ఆవిష్కరించారు. కుల బాంధవులు కుటుంబ సభ్యులతో హాజరై కార్యక్రమాన్ని విజయవంతం చేయాలని కోరారు. ఈ కార్యక్రమంలో సంఘం అధ్యక్షుడు, ప్రధాన కార్యదర్శి, నాయకులు శ్రీనివాస్, సంతోష్, వెంకటేశం, సురేష్ తదితరులు పాల్గొన్నారు.
